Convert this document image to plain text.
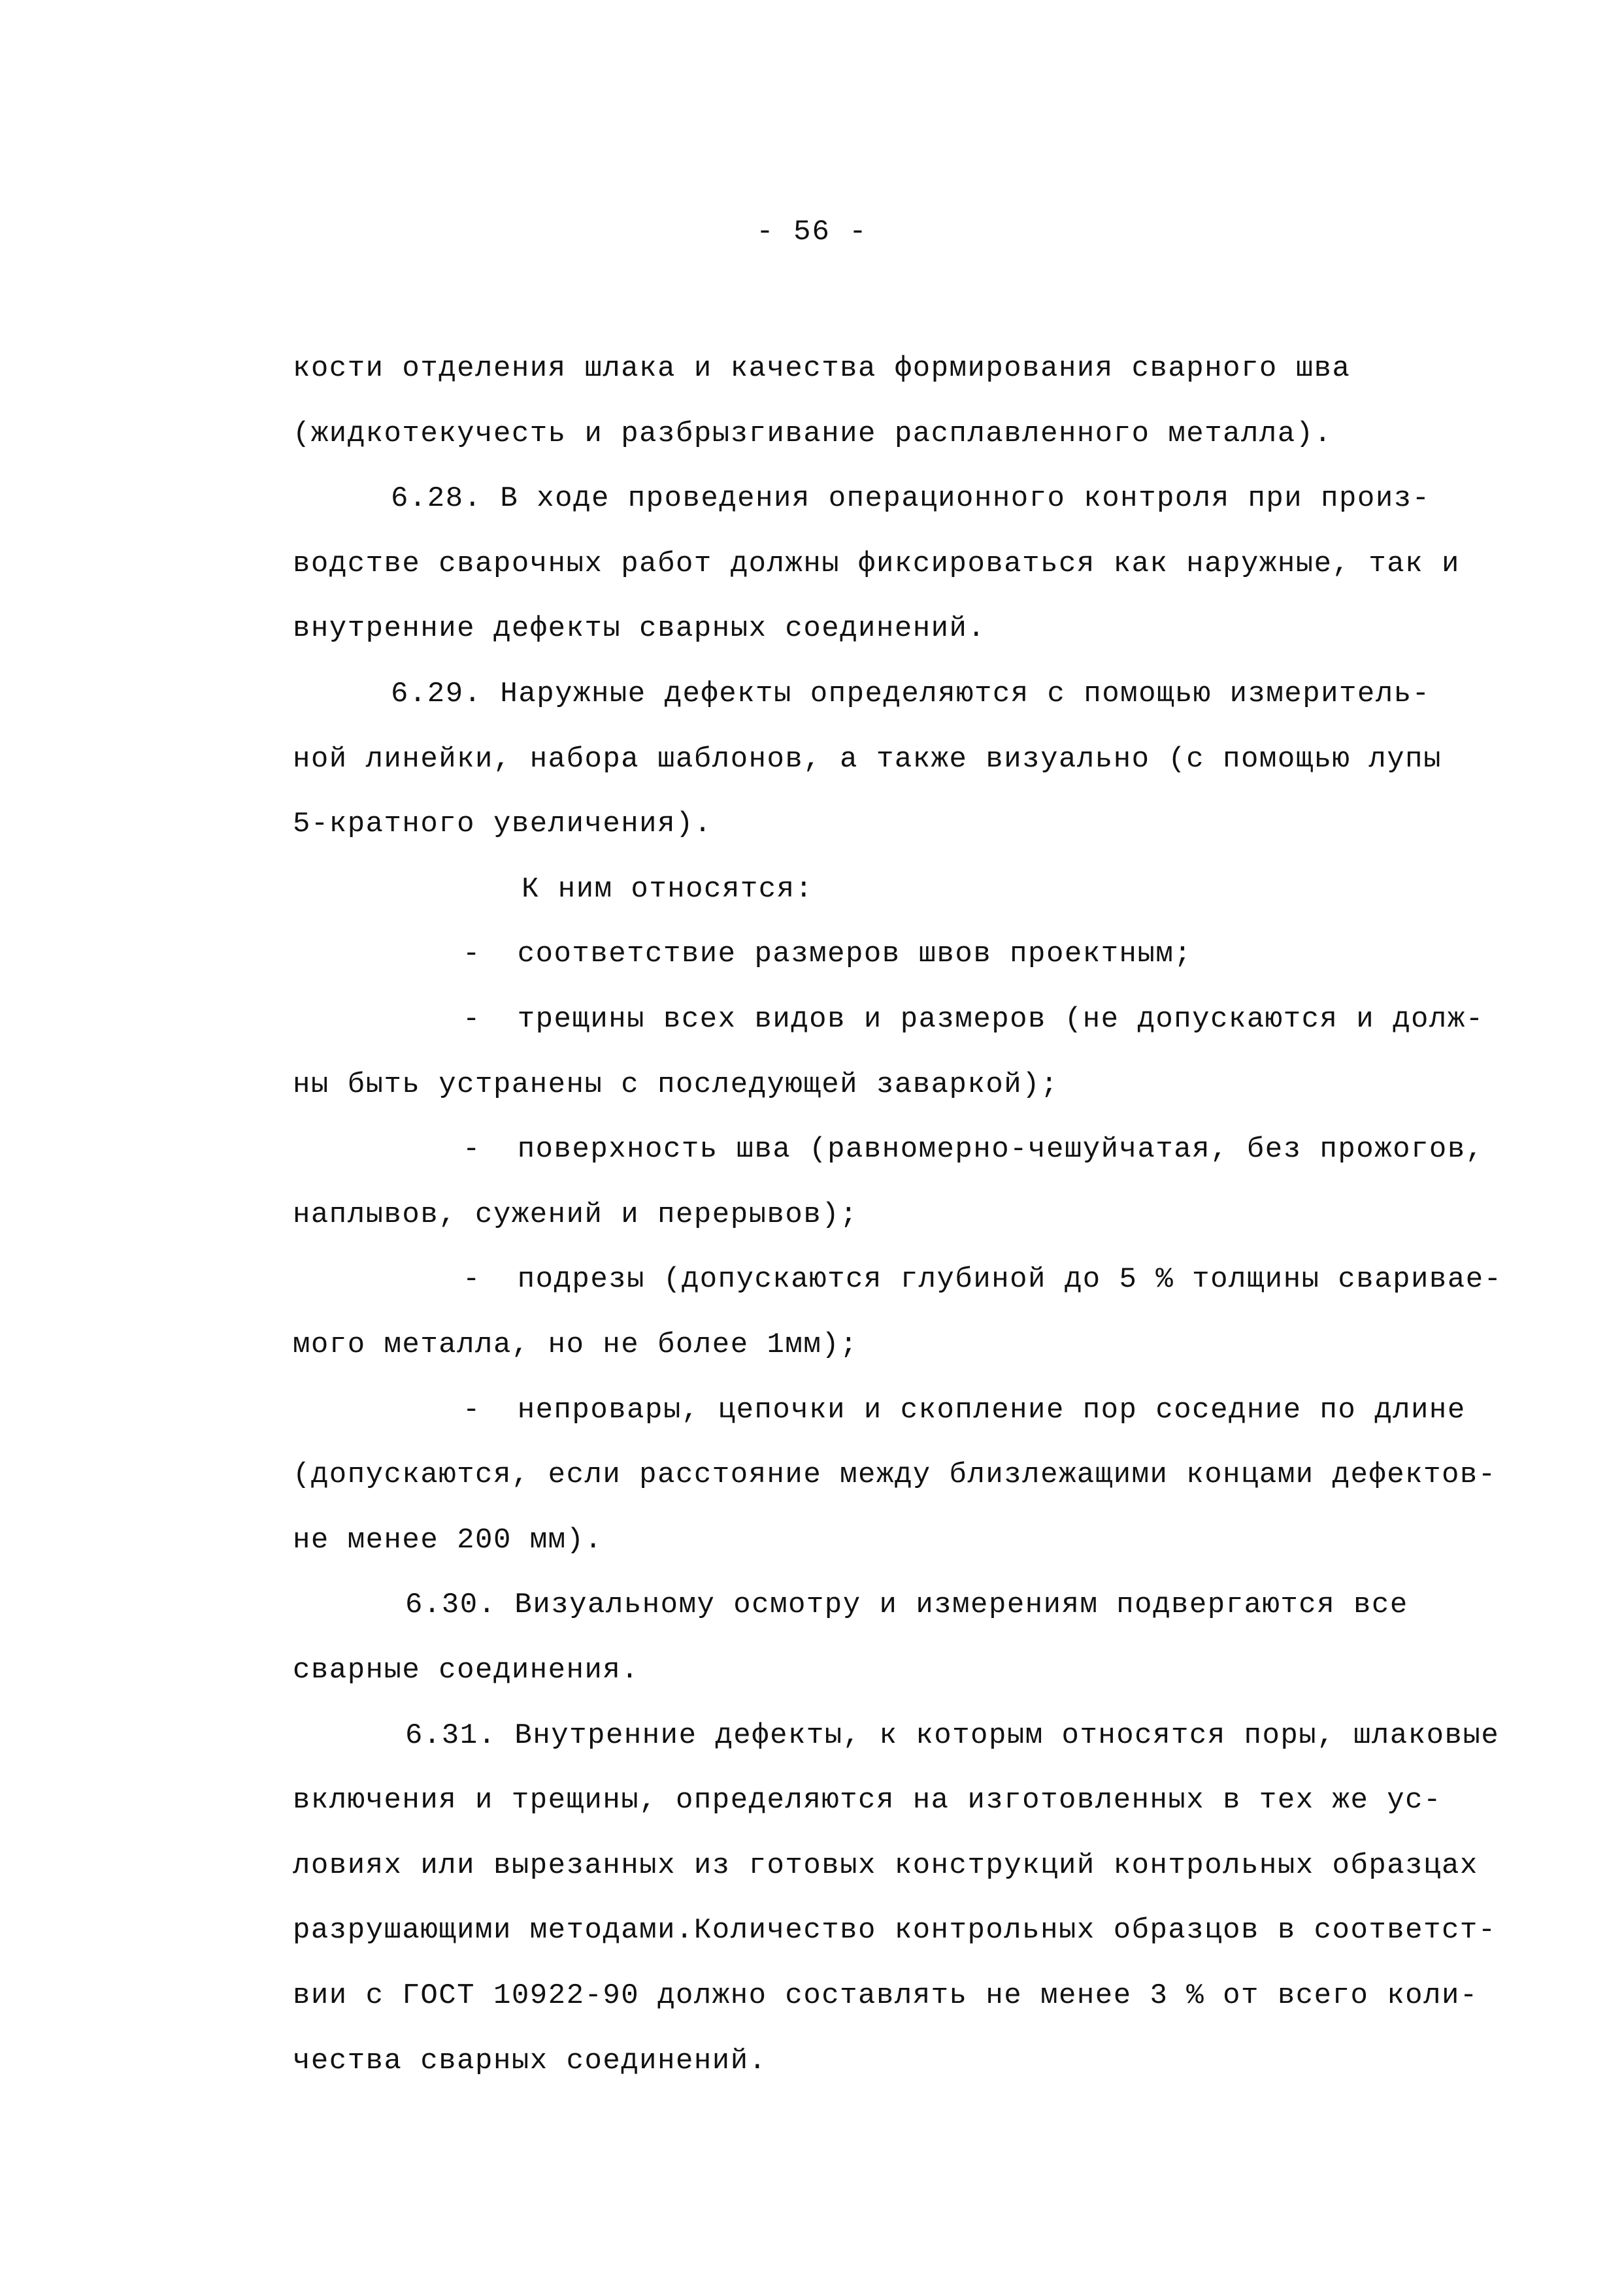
- 56 -
кости отделения шлака и качества формирования сварного шва
(жидкотекучесть и разбрызгивание расплавленного металла).
6.28. В ходе проведения операционного контроля при произ-
водстве сварочных работ должны фиксироваться как наружные, так и
внутренние дефекты сварных соединений.
6.29. Наружные дефекты определяются с помощью измеритель-
ной линейки, набора шаблонов, а также визуально (с помощью лупы
5-кратного увеличения).
К ним относятся:
-  соответствие размеров швов проектным;
-  трещины всех видов и размеров (не допускаются и долж-
ны быть устранены с последующей заваркой);
-  поверхность шва (равномерно-чешуйчатая, без прожогов,
наплывов, сужений и перерывов);
-  подрезы (допускаются глубиной до 5 % толщины сваривае-
мого металла, но не более 1мм);
-  непровары, цепочки и скопление пор соседние по длине
(допускаются, если расстояние между близлежащими концами дефектов-
не менее 200 мм).
6.30. Визуальному осмотру и измерениям подвергаются все
сварные соединения.
6.31. Внутренние дефекты, к которым относятся поры, шлаковые
включения и трещины, определяются на изготовленных в тех же ус-
ловиях или вырезанных из готовых конструкций контрольных образцах
разрушающими методами.Количество контрольных образцов в соответст-
вии с ГОСТ 10922-90 должно составлять не менее 3 % от всего коли-
чества сварных соединений.
